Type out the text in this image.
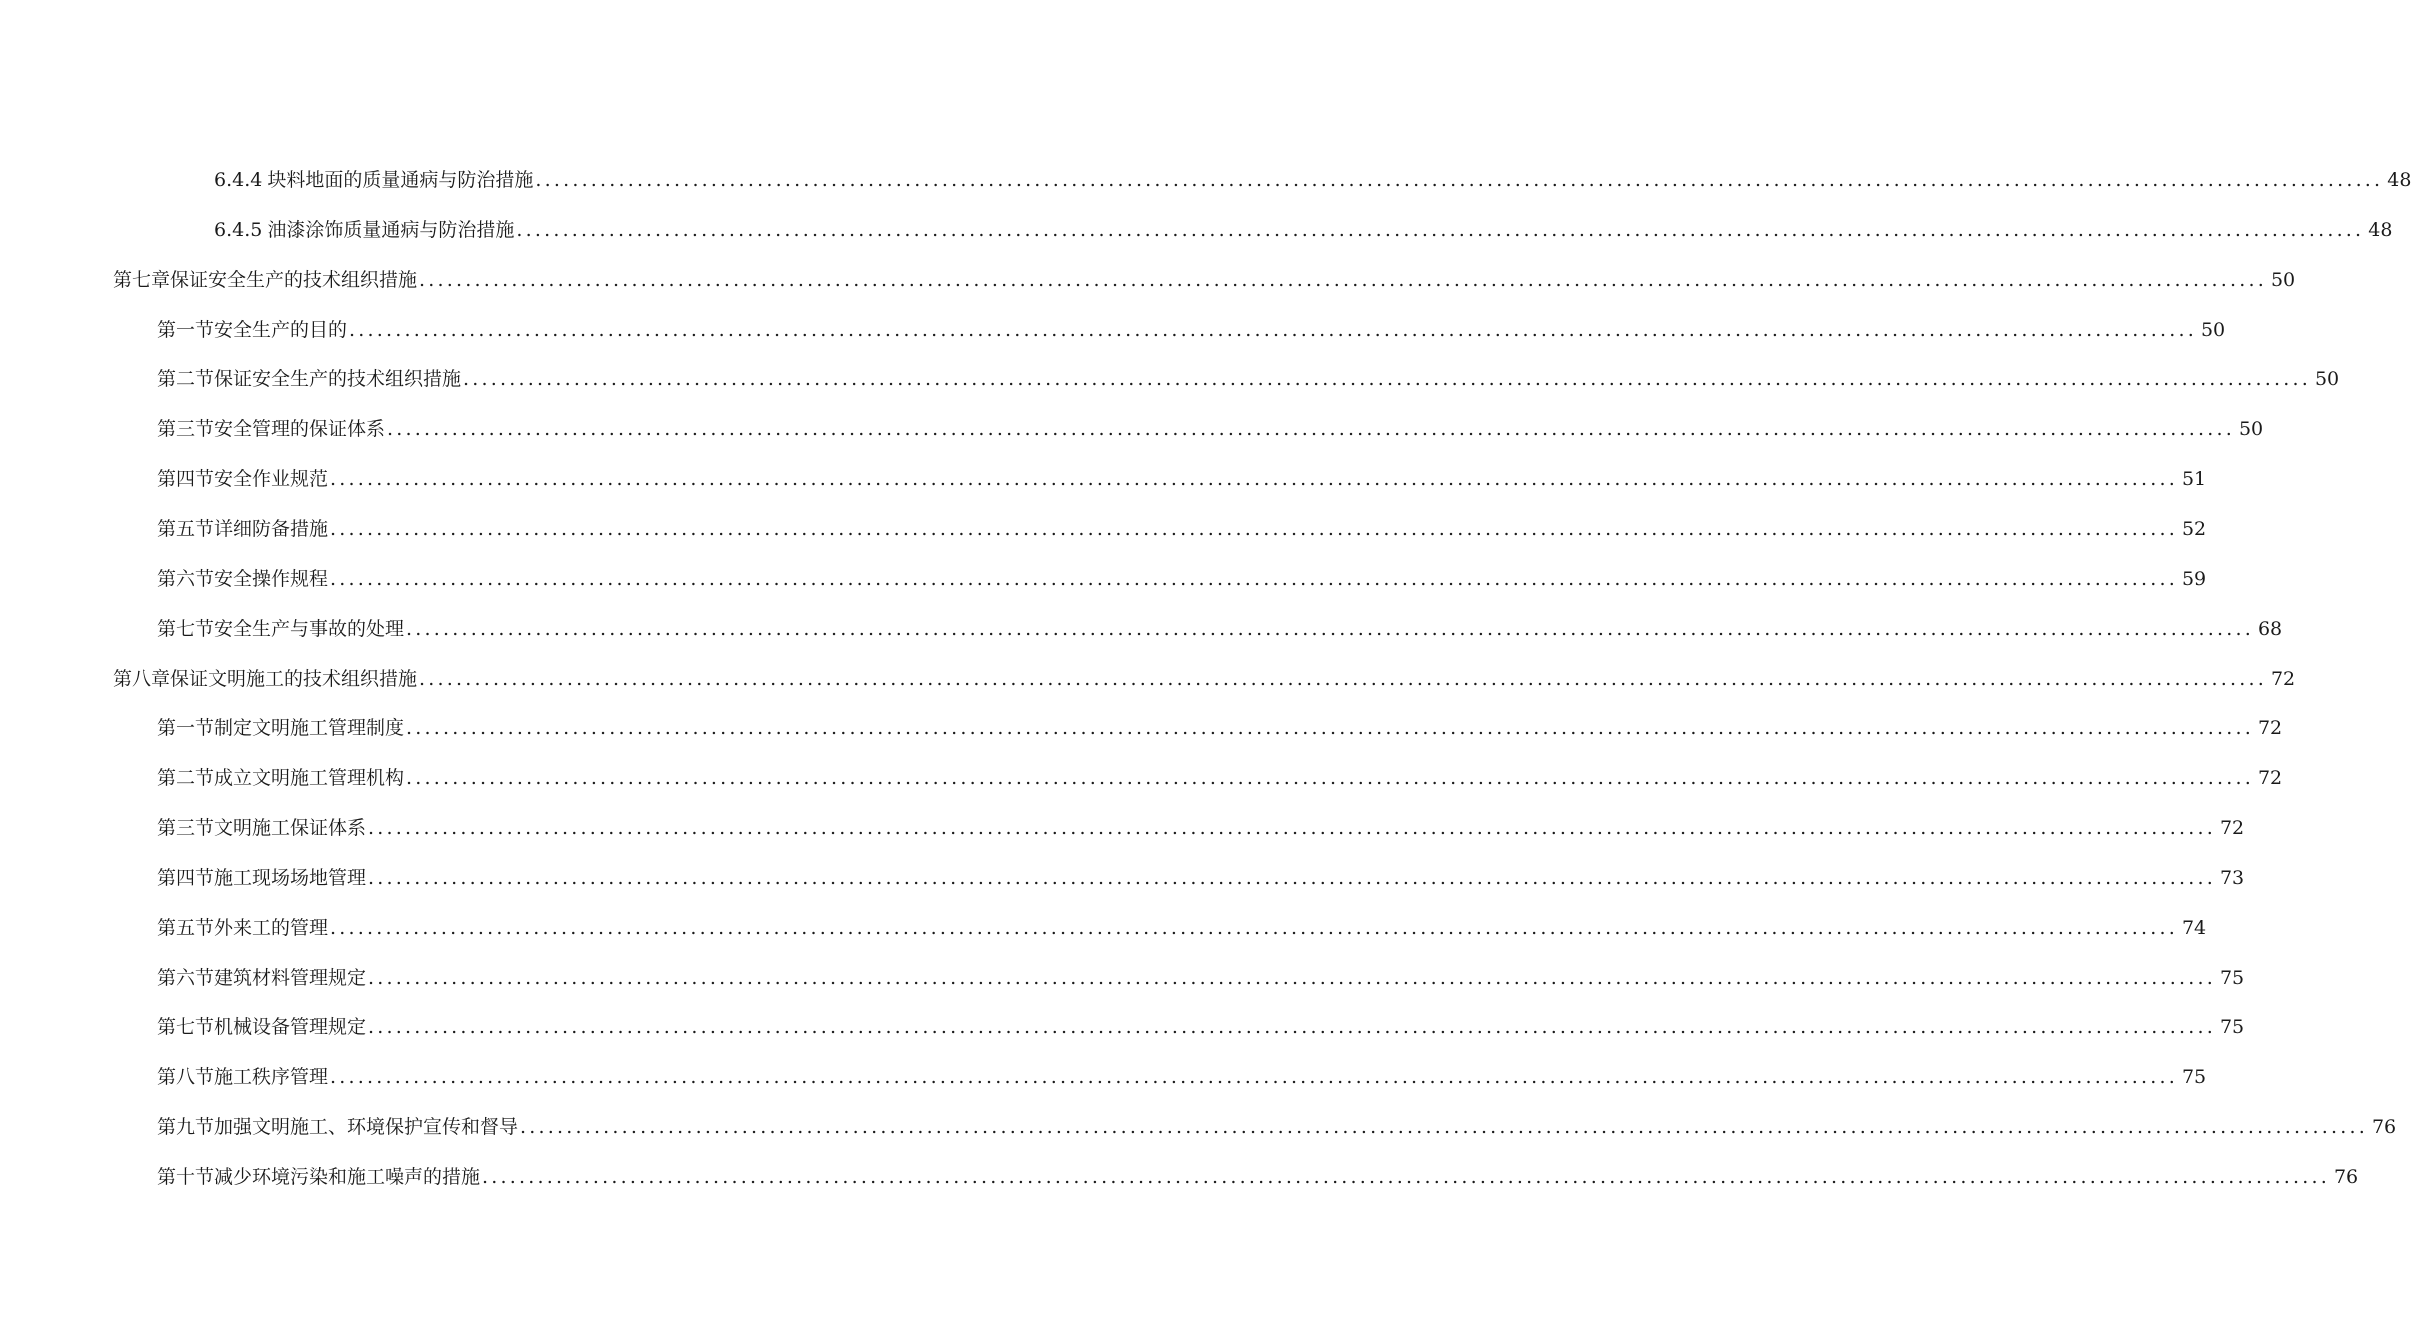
6.4.4 块料地面的质量通病与防治措施 ........................................................................................................................................................................................................ 48
6.4.5 油漆涂饰质量通病与防治措施 ........................................................................................................................................................................................................ 48
第七章 保证安全生产的技术组织措施 ........................................................................................................................................................................................................ 50
第一节 安全生产的目的 ........................................................................................................................................................................................................ 50
第二节 保证安全生产的技术组织措施 ........................................................................................................................................................................................................ 50
第三节 安全管理的保证体系 ........................................................................................................................................................................................................ 50
第四节 安全作业规范 ........................................................................................................................................................................................................ 51
第五节 详细防备措施 ........................................................................................................................................................................................................ 52
第六节 安全操作规程 ........................................................................................................................................................................................................ 59
第七节 安全生产与事故的处理 ........................................................................................................................................................................................................ 68
第八章 保证文明施工的技术组织措施 ........................................................................................................................................................................................................ 72
第一节 制定文明施工管理制度 ........................................................................................................................................................................................................ 72
第二节 成立文明施工管理机构 ........................................................................................................................................................................................................ 72
第三节 文明施工保证体系 ........................................................................................................................................................................................................ 72
第四节 施工现场场地管理 ........................................................................................................................................................................................................ 73
第五节 外来工的管理 ........................................................................................................................................................................................................ 74
第六节 建筑材料管理规定 ........................................................................................................................................................................................................ 75
第七节 机械设备管理规定 ........................................................................................................................................................................................................ 75
第八节 施工秩序管理 ........................................................................................................................................................................................................ 75
第九节 加强文明施工、环境保护宣传和督导 ........................................................................................................................................................................................................ 76
第十节 减少环境污染和施工噪声的措施 ........................................................................................................................................................................................................ 76
